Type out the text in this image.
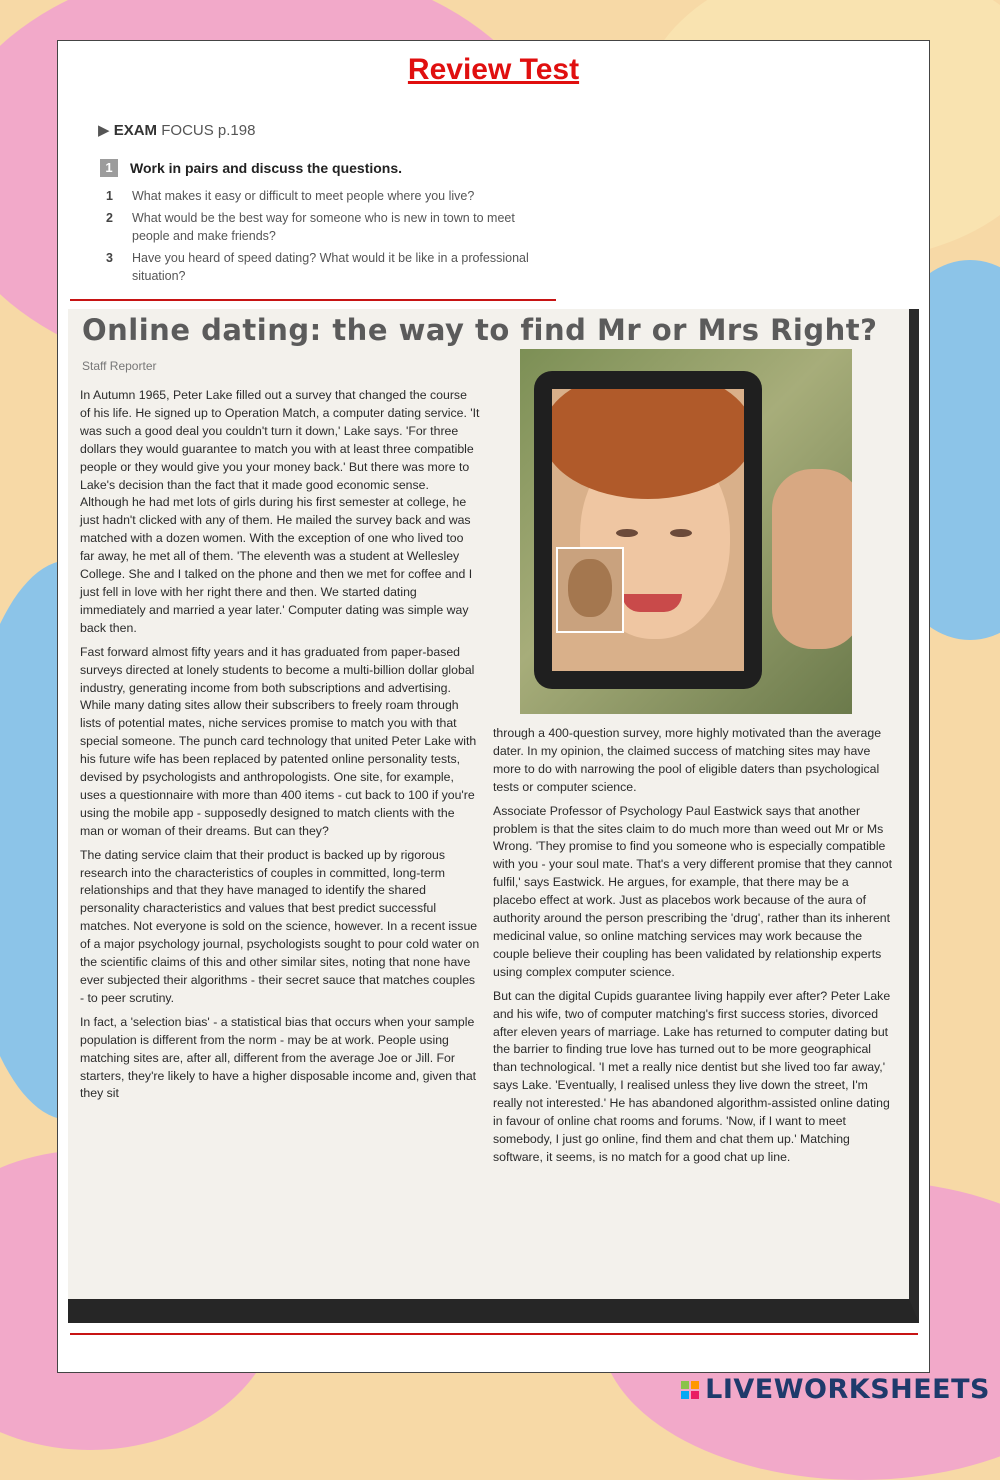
Review Test
▶ EXAM FOCUS p.198
1	Work in pairs and discuss the questions.
1	What makes it easy or difficult to meet people where you live?
2	What would be the best way for someone who is new in town to meet people and make friends?
3	Have you heard of speed dating? What would it be like in a professional situation?
Online dating: the way to find Mr or Mrs Right?
Staff Reporter

In Autumn 1965, Peter Lake filled out a survey that changed the course of his life. He signed up to Operation Match, a computer dating service. 'It was such a good deal you couldn't turn it down,' Lake says. 'For three dollars they would guarantee to match you with at least three compatible people or they would give you your money back.' But there was more to Lake's decision than the fact that it made good economic sense. Although he had met lots of girls during his first semester at college, he just hadn't clicked with any of them. He mailed the survey back and was matched with a dozen women. With the exception of one who lived too far away, he met all of them. 'The eleventh was a student at Wellesley College. She and I talked on the phone and then we met for coffee and I just fell in love with her right there and then. We started dating immediately and married a year later.' Computer dating was simple way back then.

Fast forward almost fifty years and it has graduated from paper-based surveys directed at lonely students to become a multi-billion dollar global industry, generating income from both subscriptions and advertising. While many dating sites allow their subscribers to freely roam through lists of potential mates, niche services promise to match you with that special someone. The punch card technology that united Peter Lake with his future wife has been replaced by patented online personality tests, devised by psychologists and anthropologists. One site, for example, uses a questionnaire with more than 400 items - cut back to 100 if you're using the mobile app - supposedly designed to match clients with the man or woman of their dreams. But can they?

The dating service claim that their product is backed up by rigorous research into the characteristics of couples in committed, long-term relationships and that they have managed to identify the shared personality characteristics and values that best predict successful matches. Not everyone is sold on the science, however. In a recent issue of a major psychology journal, psychologists sought to pour cold water on the scientific claims of this and other similar sites, noting that none have ever subjected their algorithms - their secret sauce that matches couples - to peer scrutiny.

In fact, a 'selection bias' - a statistical bias that occurs when your sample population is different from the norm - may be at work. People using matching sites are, after all, different from the average Joe or Jill. For starters, they're likely to have a higher disposable income and, given that they sit

through a 400-question survey, more highly motivated than the average dater. In my opinion, the claimed success of matching sites may have more to do with narrowing the pool of eligible daters than psychological tests or computer science.

Associate Professor of Psychology Paul Eastwick says that another problem is that the sites claim to do much more than weed out Mr or Ms Wrong. 'They promise to find you someone who is especially compatible with you - your soul mate. That's a very different promise that they cannot fulfil,' says Eastwick. He argues, for example, that there may be a placebo effect at work. Just as placebos work because of the aura of authority around the person prescribing the 'drug', rather than its inherent medicinal value, so online matching services may work because the couple believe their coupling has been validated by relationship experts using complex computer science.

But can the digital Cupids guarantee living happily ever after? Peter Lake and his wife, two of computer matching's first success stories, divorced after eleven years of marriage. Lake has returned to computer dating but the barrier to finding true love has turned out to be more geographical than technological. 'I met a really nice dentist but she lived too far away,' says Lake. 'Eventually, I realised unless they live down the street, I'm really not interested.' He has abandoned algorithm-assisted online dating in favour of online chat rooms and forums. 'Now, if I want to meet somebody, I just go online, find them and chat them up.' Matching software, it seems, is no match for a good chat up line.

LIVEWORKSHEETS
